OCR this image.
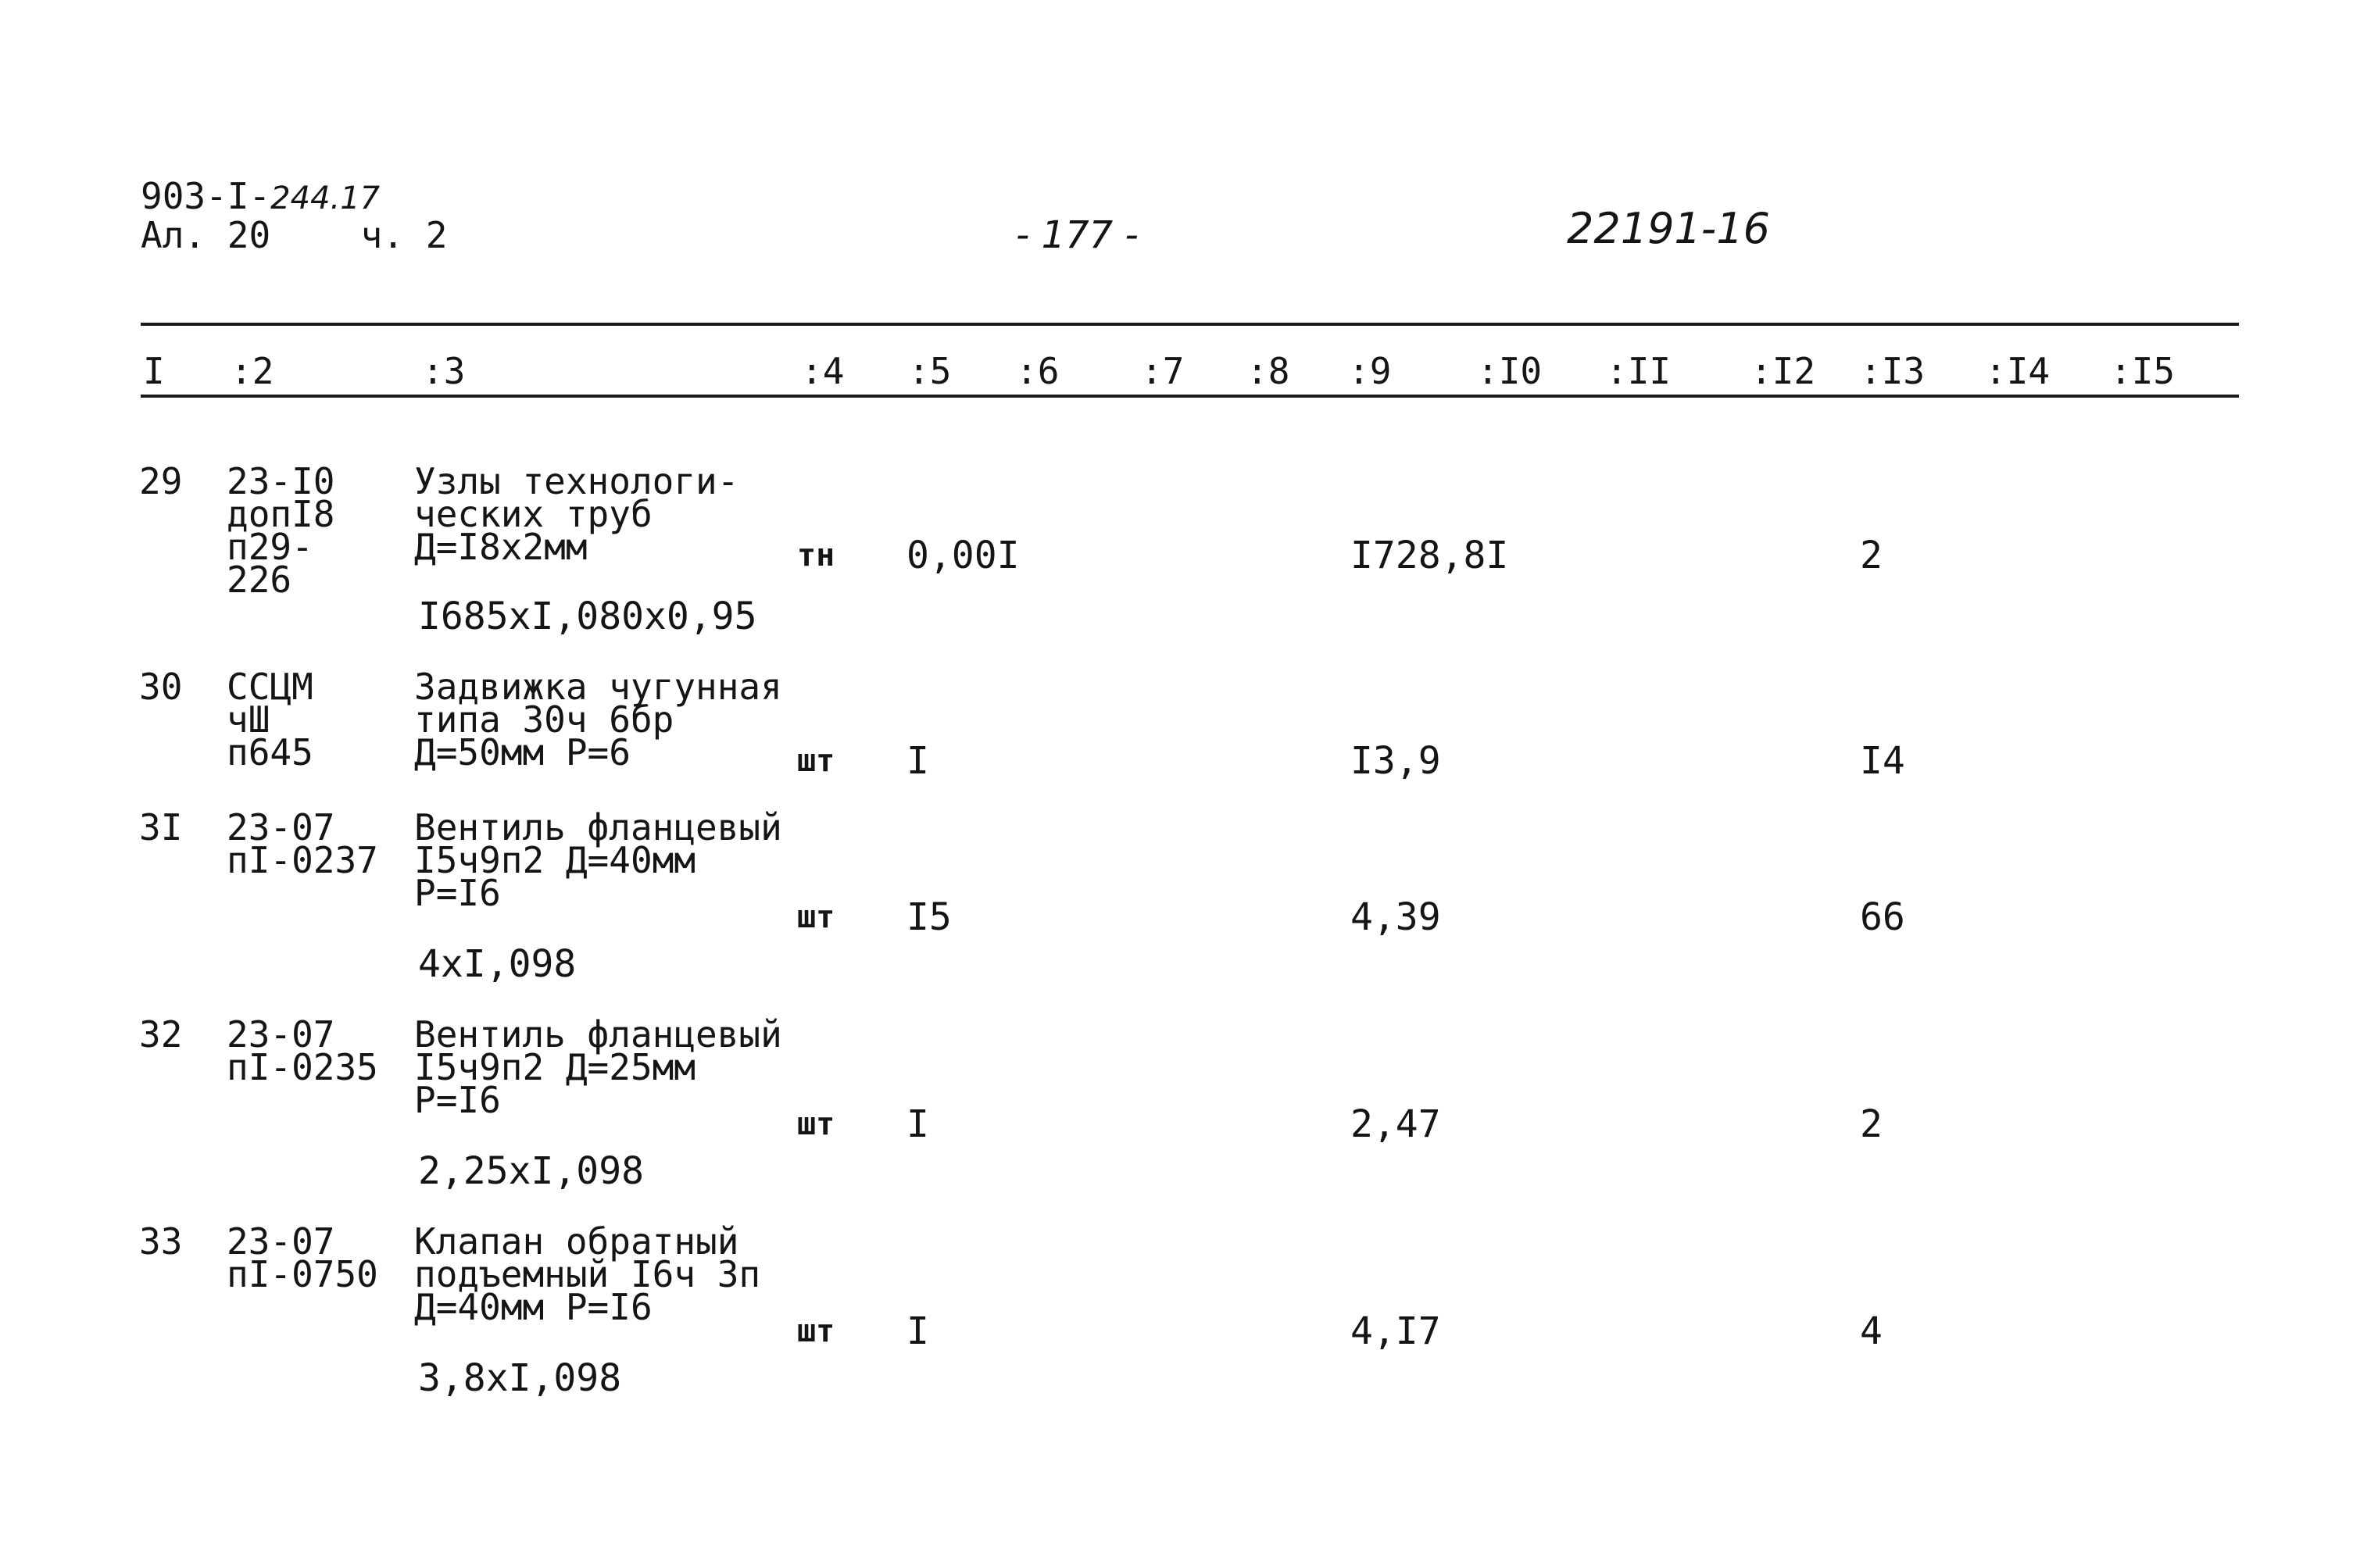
903-I-244.17
Ал. 20	ч. 2	- 177 -	22191-16
I :2	:3	:4 :5 :6 :7 :8 :9 :I0 :II :I2 :I3 :I4 :I5
29 23-I0
допI8
п29-
226
Узлы технологи-
ческих труб
Д=I8х2мм	тн 0,00I	I728,8I	2
I685хI,080х0,95
30 ССЦМ
чШ
п645
Задвижка чугунная
типа 30ч 6бр
Д=50мм Р=6	шт I	I3,9	I4
3I 23-07
пI-0237
Вентиль фланцевый
I5ч9п2 Д=40мм
Р=I6
шт I5	4,39	66
4хI,098
32 23-07
пI-0235
Вентиль фланцевый
I5ч9п2 Д=25мм
Р=I6
шт I	2,47	2
2,25хI,098
33 23-07
пI-0750
Клапан обратный
подъемный I6ч 3п
Д=40мм Р=I6
шт I	4,I7	4
3,8хI,098
